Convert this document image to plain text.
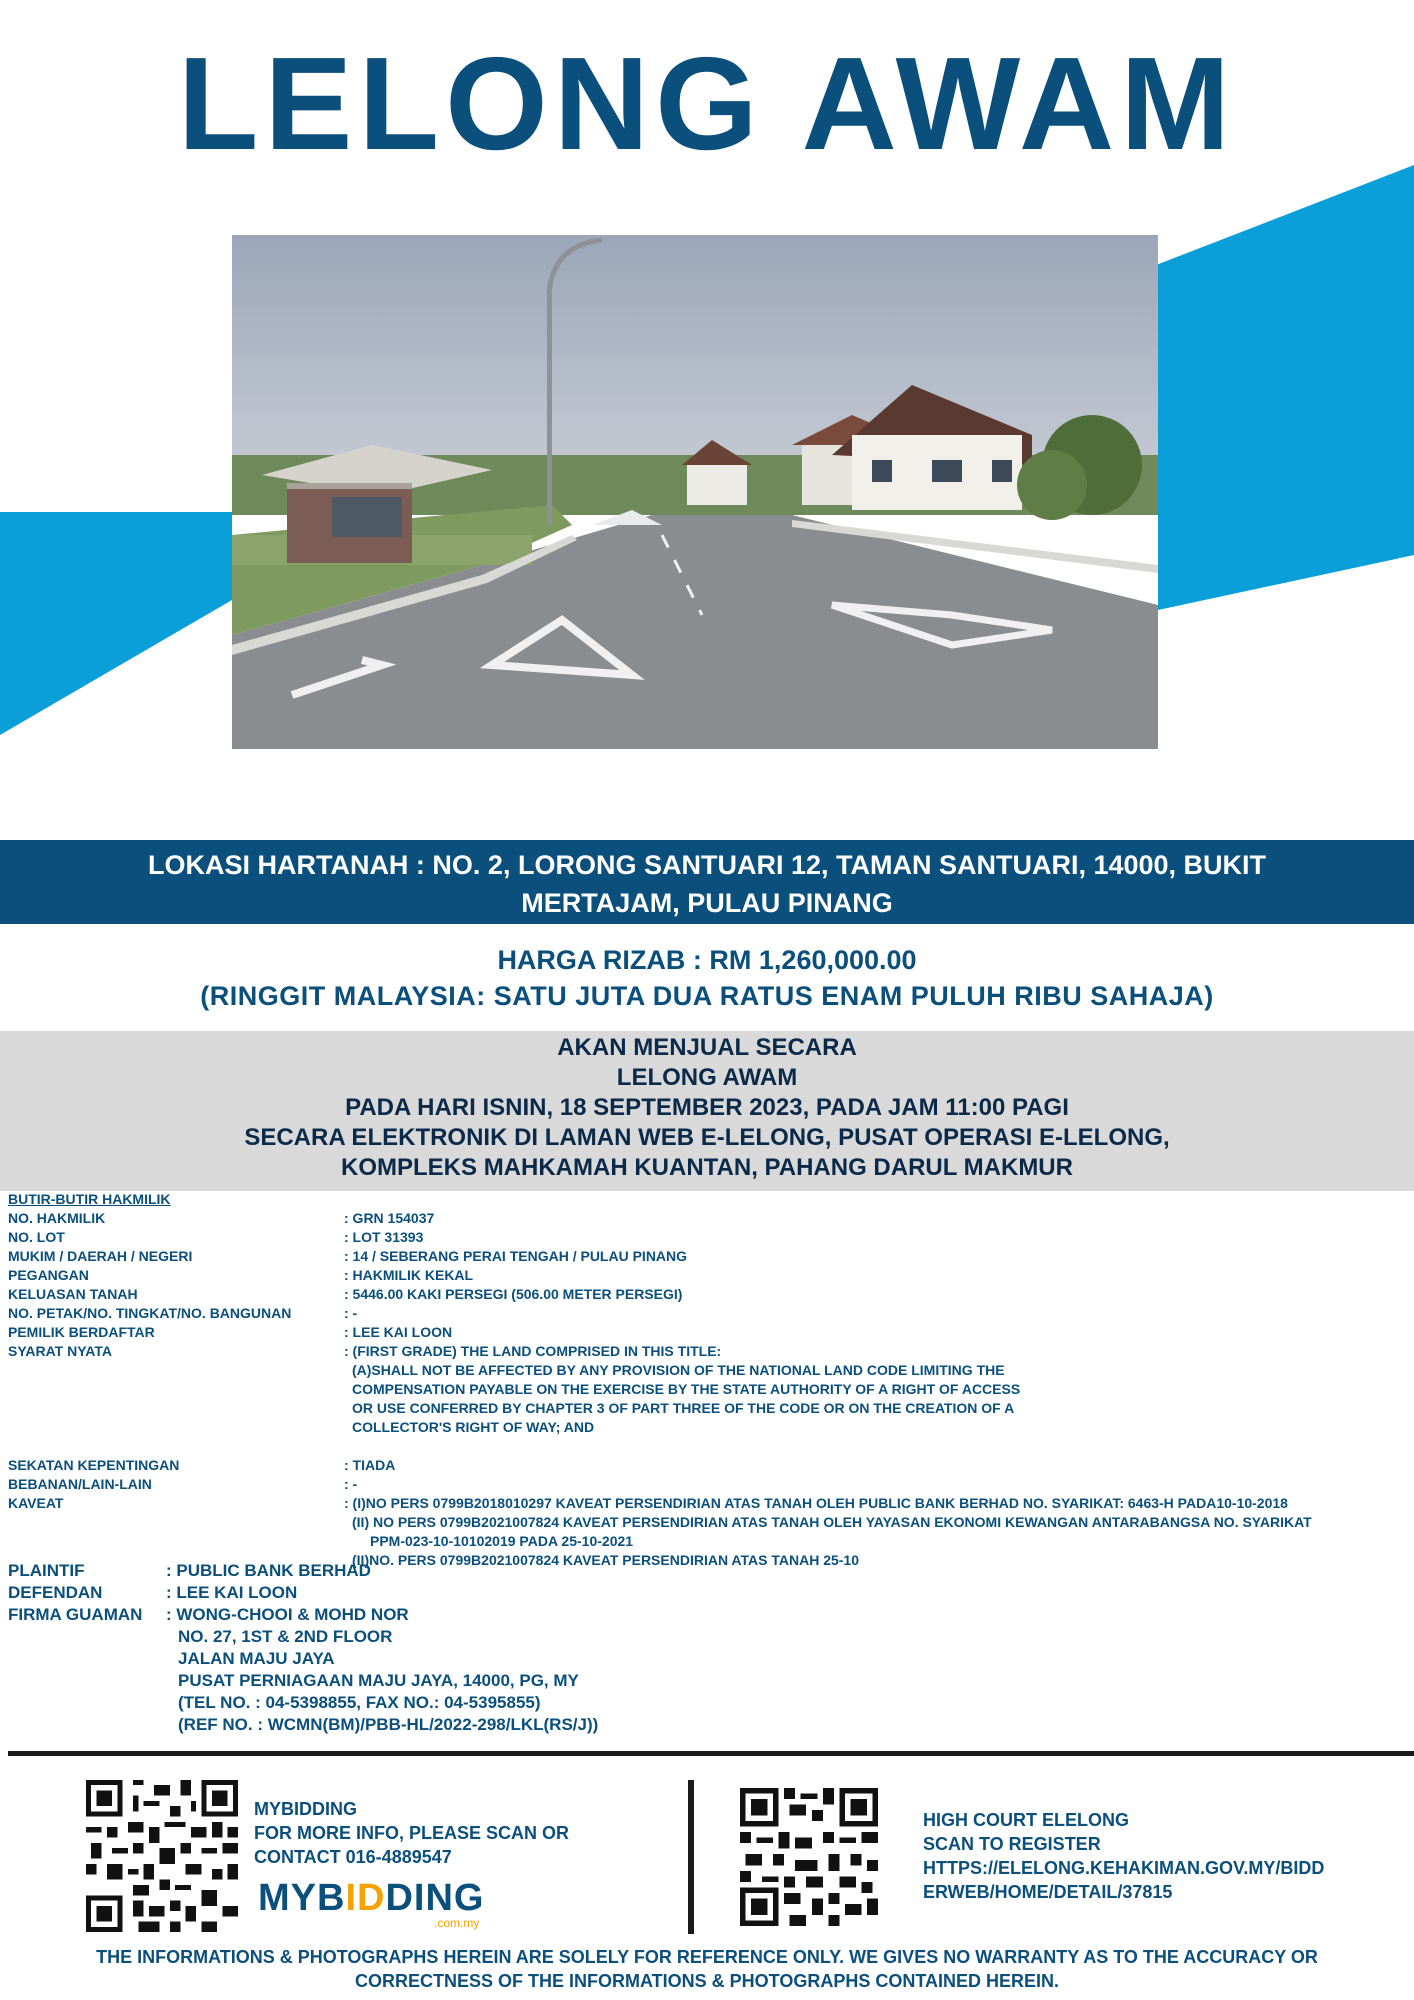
LELONG AWAM
LOKASI HARTANAH : NO. 2, LORONG SANTUARI 12, TAMAN SANTUARI, 14000, BUKIT MERTAJAM, PULAU PINANG
HARGA RIZAB : RM 1,260,000.00
(RINGGIT MALAYSIA: SATU JUTA DUA RATUS ENAM PULUH RIBU SAHAJA)
AKAN MENJUAL SECARA
LELONG AWAM
PADA HARI ISNIN, 18 SEPTEMBER 2023, PADA JAM 11:00 PAGI
SECARA ELEKTRONIK DI LAMAN WEB E-LELONG, PUSAT OPERASI E-LELONG,
KOMPLEKS MAHKAMAH KUANTAN, PAHANG DARUL MAKMUR
BUTIR-BUTIR HAKMILIK
NO. HAKMILIK	: GRN 154037
NO. LOT	: LOT 31393
MUKIM / DAERAH / NEGERI	: 14 / SEBERANG PERAI TENGAH / PULAU PINANG
PEGANGAN	: HAKMILIK KEKAL
KELUASAN TANAH	: 5446.00 KAKI PERSEGI (506.00 METER PERSEGI)
NO. PETAK/NO. TINGKAT/NO. BANGUNAN	: -
PEMILIK BERDAFTAR	: LEE KAI LOON
SYARAT NYATA	: (FIRST GRADE) THE LAND COMPRISED IN THIS TITLE:
(A)SHALL NOT BE AFFECTED BY ANY PROVISION OF THE NATIONAL LAND CODE LIMITING THE
COMPENSATION PAYABLE ON THE EXERCISE BY THE STATE AUTHORITY OF A RIGHT OF ACCESS
OR USE CONFERRED BY CHAPTER 3 OF PART THREE OF THE CODE OR ON THE CREATION OF A
COLLECTOR'S RIGHT OF WAY; AND
SEKATAN KEPENTINGAN	: TIADA
BEBANAN/LAIN-LAIN	: -
KAVEAT	: (I)NO PERS 0799B2018010297 KAVEAT PERSENDIRIAN ATAS TANAH OLEH PUBLIC BANK BERHAD NO. SYARIKAT: 6463-H PADA10-10-2018
(II) NO PERS 0799B2021007824 KAVEAT PERSENDIRIAN ATAS TANAH OLEH YAYASAN EKONOMI KEWANGAN ANTARABANGSA NO. SYARIKAT
PPM-023-10-10102019 PADA 25-10-2021
(II)NO. PERS 0799B2021007824 KAVEAT PERSENDIRIAN ATAS TANAH 25-10
PLAINTIF	: PUBLIC BANK BERHAD
DEFENDAN	: LEE KAI LOON
FIRMA GUAMAN	: WONG-CHOOI & MOHD NOR
NO. 27, 1ST & 2ND FLOOR
JALAN MAJU JAYA
PUSAT PERNIAGAAN MAJU JAYA, 14000, PG, MY
(TEL NO. : 04-5398855, FAX NO.: 04-5395855)
(REF NO. : WCMN(BM)/PBB-HL/2022-298/LKL(RS/J))
MYBIDDING
FOR MORE INFO, PLEASE SCAN OR
CONTACT 016-4889547
MYBIDDING
.com.my
HIGH COURT ELELONG
SCAN TO REGISTER
HTTPS://ELELONG.KEHAKIMAN.GOV.MY/BIDD
ERWEB/HOME/DETAIL/37815
THE INFORMATIONS & PHOTOGRAPHS HEREIN ARE SOLELY FOR REFERENCE ONLY. WE GIVES NO WARRANTY AS TO THE ACCURACY OR CORRECTNESS OF THE INFORMATIONS & PHOTOGRAPHS CONTAINED HEREIN.
